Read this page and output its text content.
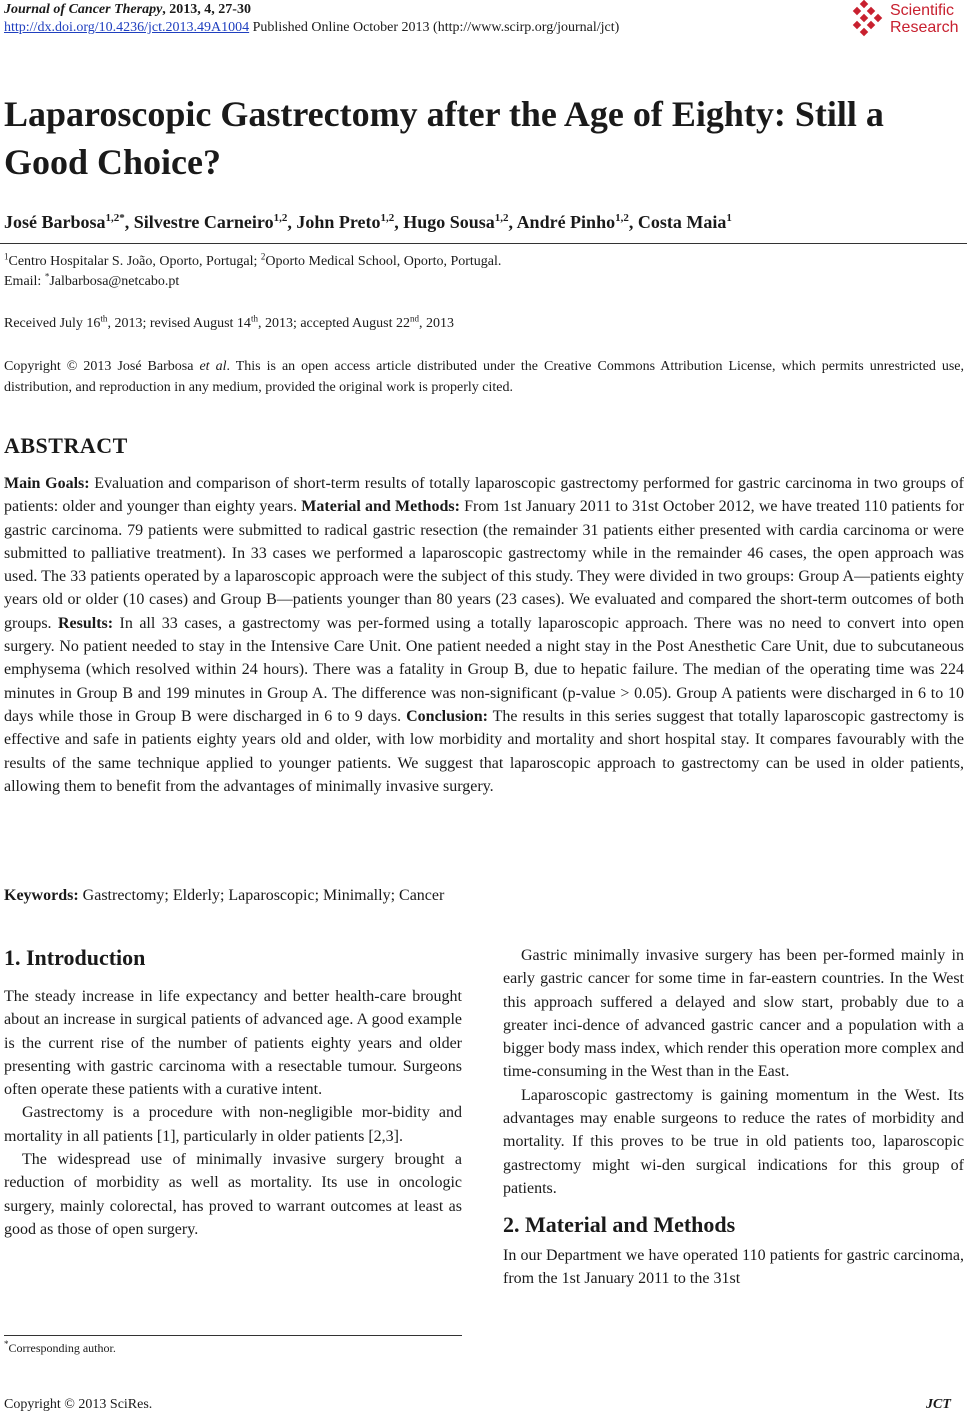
Journal of Cancer Therapy, 2013, 4, 27-30
http://dx.doi.org/10.4236/jct.2013.49A1004 Published Online October 2013 (http://www.scirp.org/journal/jct)
Scientific
Research
Laparoscopic Gastrectomy after the Age of Eighty: Still a Good Choice?
José Barbosa$^{1,2*}$, Silvestre Carneiro$^{1,2}$, John Preto$^{1,2}$, Hugo Sousa$^{1,2}$, André Pinho$^{1,2}$, Costa Maia$^1$
$^1$Centro Hospitalar S. João, Oporto, Portugal; $^2$Oporto Medical School, Oporto, Portugal.
Email: *Jalbarbosa@netcabo.pt
Received July 16th, 2013; revised August 14th, 2013; accepted August 22nd, 2013
Copyright © 2013 José Barbosa et al. This is an open access article distributed under the Creative Commons Attribution License, which permits unrestricted use, distribution, and reproduction in any medium, provided the original work is properly cited.
ABSTRACT
Main Goals: Evaluation and comparison of short-term results of totally laparoscopic gastrectomy performed for gastric carcinoma in two groups of patients: older and younger than eighty years. Material and Methods: From 1st January 2011 to 31st October 2012, we have treated 110 patients for gastric carcinoma. 79 patients were submitted to radical gastric resection (the remainder 31 patients either presented with cardia carcinoma or were submitted to palliative treatment). In 33 cases we performed a laparoscopic gastrectomy while in the remainder 46 cases, the open approach was used. The 33 patients operated by a laparoscopic approach were the subject of this study. They were divided in two groups: Group A—patients eighty years old or older (10 cases) and Group B—patients younger than 80 years (23 cases). We evaluated and compared the short-term outcomes of both groups. Results: In all 33 cases, a gastrectomy was per-formed using a totally laparoscopic approach. There was no need to convert into open surgery. No patient needed to stay in the Intensive Care Unit. One patient needed a night stay in the Post Anesthetic Care Unit, due to subcutaneous emphysema (which resolved within 24 hours). There was a fatality in Group B, due to hepatic failure. The median of the operating time was 224 minutes in Group B and 199 minutes in Group A. The difference was non-significant (p-value > 0.05). Group A patients were discharged in 6 to 10 days while those in Group B were discharged in 6 to 9 days. Conclusion: The results in this series suggest that totally laparoscopic gastrectomy is effective and safe in patients eighty years old and older, with low morbidity and mortality and short hospital stay. It compares favourably with the results of the same technique applied to younger patients. We suggest that laparoscopic approach to gastrectomy can be used in older patients, allowing them to benefit from the advantages of minimally invasive surgery.
Keywords: Gastrectomy; Elderly; Laparoscopic; Minimally; Cancer
1. Introduction

The steady increase in life expectancy and better health-care brought about an increase in surgical patients of advanced age. A good example is the current rise of the number of patients eighty years and older presenting with gastric carcinoma with a resectable tumour. Surgeons often operate these patients with a curative intent.

Gastrectomy is a procedure with non-negligible mor-bidity and mortality in all patients [1], particularly in older patients [2,3].

The widespread use of minimally invasive surgery brought a reduction of morbidity as well as mortality. Its use in oncologic surgery, mainly colorectal, has proved to warrant outcomes at least as good as those of open surgery.

Gastric minimally invasive surgery has been per-formed mainly in early gastric cancer for some time in far-eastern countries. In the West this approach suffered a delayed and slow start, probably due to a greater inci-dence of advanced gastric cancer and a population with a bigger body mass index, which render this operation more complex and time-consuming in the West than in the East.

Laparoscopic gastrectomy is gaining momentum in the West. Its advantages may enable surgeons to reduce the rates of morbidity and mortality. If this proves to be true in old patients too, laparoscopic gastrectomy might wi-den surgical indications for this group of patients.

2. Material and Methods

In our Department we have operated 110 patients for gastric carcinoma, from the 1st January 2011 to the 31st

*Corresponding author.
Copyright © 2013 SciRes.	JCT
